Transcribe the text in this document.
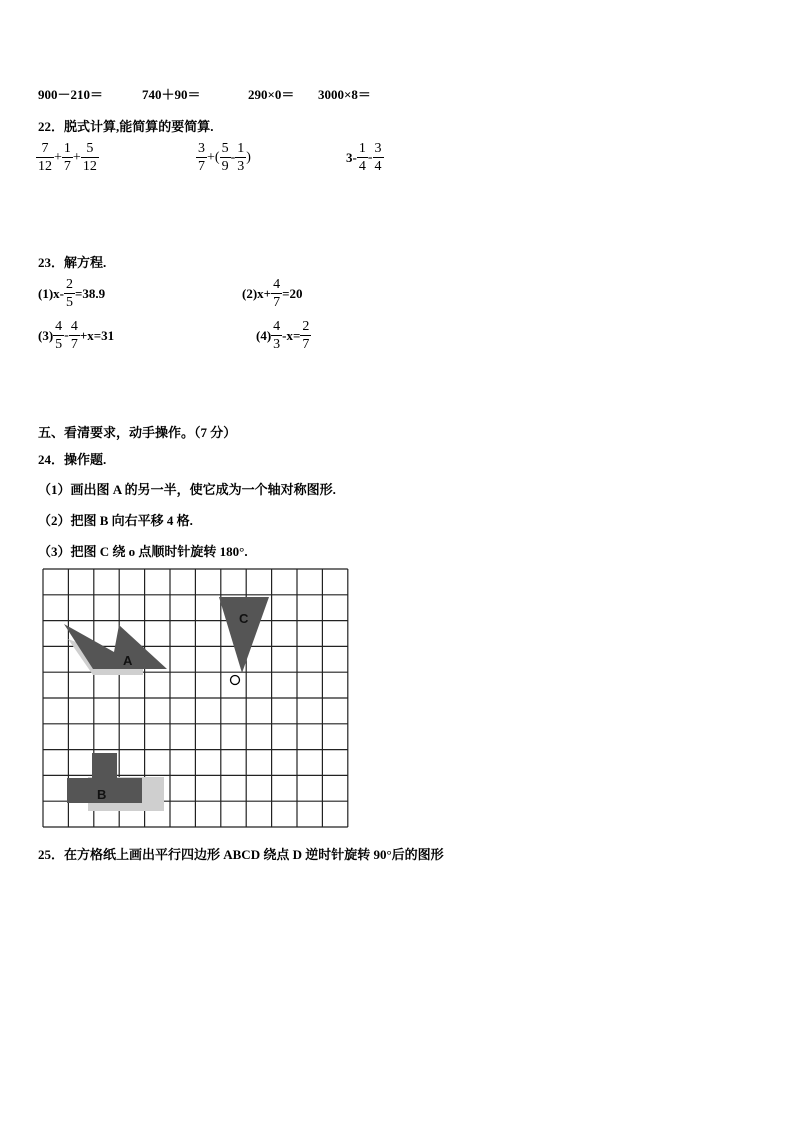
900－210＝	740＋90＝	290×0＝ 3000×8＝
22．脱式计算,能简算的要简算.
$\frac{7}{12} + \frac{1}{7} + \frac{5}{12}$	$\frac{3}{7}$ +( $\frac{5}{9} - \frac{1}{3}$ )	$3- \frac{1}{4} - \frac{3}{4}$
23．解方程.
$(1)x- \frac{2}{5} =38.9$	$(2)x+ \frac{4}{7} =20$
$(3) \frac{4}{5} - \frac{4}{7} +x=31$	$(4) \frac{4}{3} -x= \frac{2}{7}$
五、看清要求，动手操作。（7 分）
24．操作题.
（1）画出图 A 的另一半，使它成为一个轴对称图形.
（2）把图 B 向右平移 4 格.
（3）把图 C 绕 o 点顺时针旋转 180°.
A
B
C
25．在方格纸上画出平行四边形 ABCD 绕点 D 逆时针旋转 90°后的图形
